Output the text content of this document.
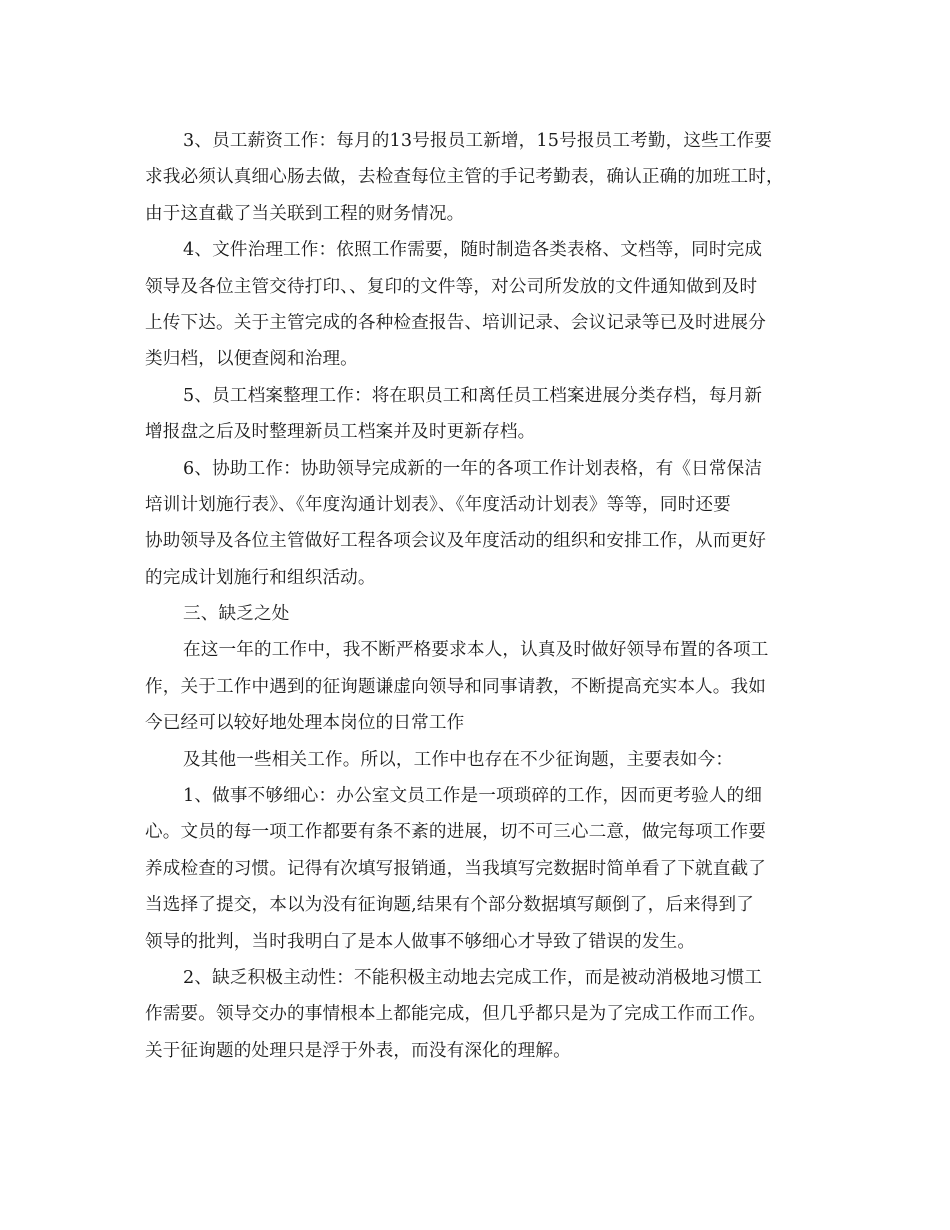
3、员工薪资工作：每月的13号报员工新增，15号报员工考勤，这些工作要
求我必须认真细心肠去做，去检查每位主管的手记考勤表，确认正确的加班工时，
由于这直截了当关联到工程的财务情况。
4、文件治理工作：依照工作需要，随时制造各类表格、文档等，同时完成
领导及各位主管交待打印、、复印的文件等，对公司所发放的文件通知做到及时
上传下达。关于主管完成的各种检查报告、培训记录、会议记录等已及时进展分
类归档，以便查阅和治理。
5、员工档案整理工作：将在职员工和离任员工档案进展分类存档，每月新
增报盘之后及时整理新员工档案并及时更新存档。
6、协助工作：协助领导完成新的一年的各项工作计划表格，有《日常保洁
培训计划施行表》、《年度沟通计划表》、《年度活动计划表》等等，同时还要
协助领导及各位主管做好工程各项会议及年度活动的组织和安排工作，从而更好
的完成计划施行和组织活动。
三、缺乏之处
在这一年的工作中，我不断严格要求本人，认真及时做好领导布置的各项工
作，关于工作中遇到的征询题谦虚向领导和同事请教，不断提高充实本人。我如
今已经可以较好地处理本岗位的日常工作
及其他一些相关工作。所以，工作中也存在不少征询题，主要表如今：
1、做事不够细心：办公室文员工作是一项琐碎的工作，因而更考验人的细
心。文员的每一项工作都要有条不紊的进展，切不可三心二意，做完每项工作要
养成检查的习惯。记得有次填写报销通，当我填写完数据时简单看了下就直截了
当选择了提交，本以为没有征询题,结果有个部分数据填写颠倒了，后来得到了
领导的批判，当时我明白了是本人做事不够细心才导致了错误的发生。
2、缺乏积极主动性：不能积极主动地去完成工作，而是被动消极地习惯工
作需要。领导交办的事情根本上都能完成，但几乎都只是为了完成工作而工作。
关于征询题的处理只是浮于外表，而没有深化的理解。
